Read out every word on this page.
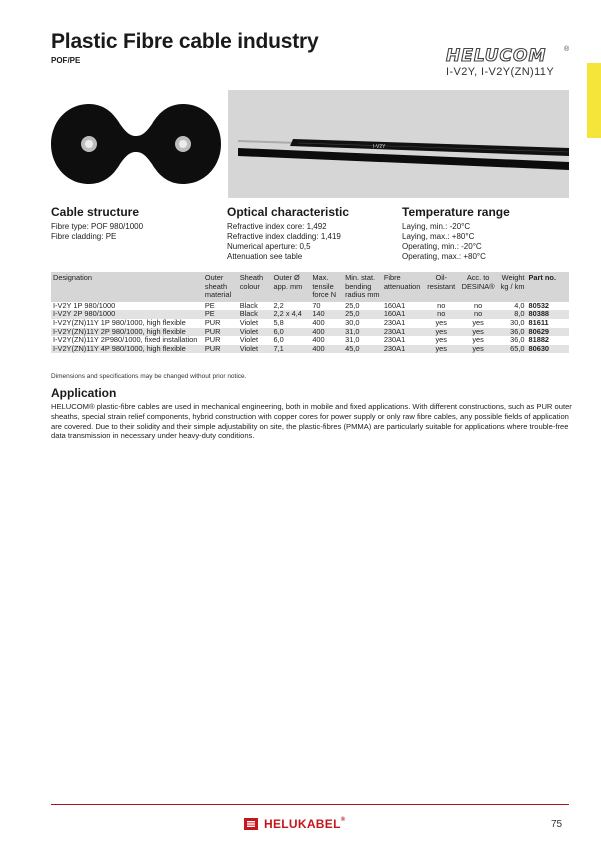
Plastic Fibre cable industry
POF/PE	HELUCOM	®
I-V2Y, I-V2Y(ZN)11Y
I-V2Y
Cable structure
Fibre type: POF 980/1000
Fibre cladding: PE
Optical characteristic
Refractive index core: 1,492
Refractive index cladding: 1,419
Numerical aperture: 0,5
Attenuation see table
Temperature range
Laying, min.: -20°C
Laying, max.: +80°C
Operating, min.: -20°C
Operating, max.: +80°C
Designation	Outer sheath material	Sheath colour	Outer Ø app. mm	Max. tensile force N	Min. stat. bending radius mm	Fibre attenuation	Oil-resistant	Acc. to DESINA®	Weight kg / km	Part no.
I-V2Y 1P 980/1000	PE	Black	2,2	70	25,0	160A1	no	no	4,0	80532
I-V2Y 2P 980/1000	PE	Black	2,2 x 4,4	140	25,0	160A1	no	no	8,0	80388
I-V2Y(ZN)11Y 1P 980/1000, high flexible	PUR	Violet	5,8	400	30,0	230A1	yes	yes	30,0	81611
I-V2Y(ZN)11Y 2P 980/1000, high flexible	PUR	Violet	6,0	400	31,0	230A1	yes	yes	36,0	80629
I-V2Y(ZN)11Y 2P980/1000, fixed installation	PUR	Violet	6,0	400	31,0	230A1	yes	yes	36,0	81882
I-V2Y(ZN)11Y 4P 980/1000, high flexible	PUR	Violet	7,1	400	45,0	230A1	yes	yes	65,0	80630
Dimensions and specifications may be changed without prior notice.
Application
HELUCOM® plastic-fibre cables are used in mechanical engineering, both in mobile and fixed applications. With different constructions, such as PUR outer sheaths, special strain relief components, hybrid construction with copper cores for power supply or only raw fibre cables, any possible fields of application are covered. Due to their solidity and their simple adjustability on site, the plastic-fibres (PMMA) are particularly suitable for applications where trouble-free data transmission in necessary under heavy-duty conditions.
HELUKABEL®	75
